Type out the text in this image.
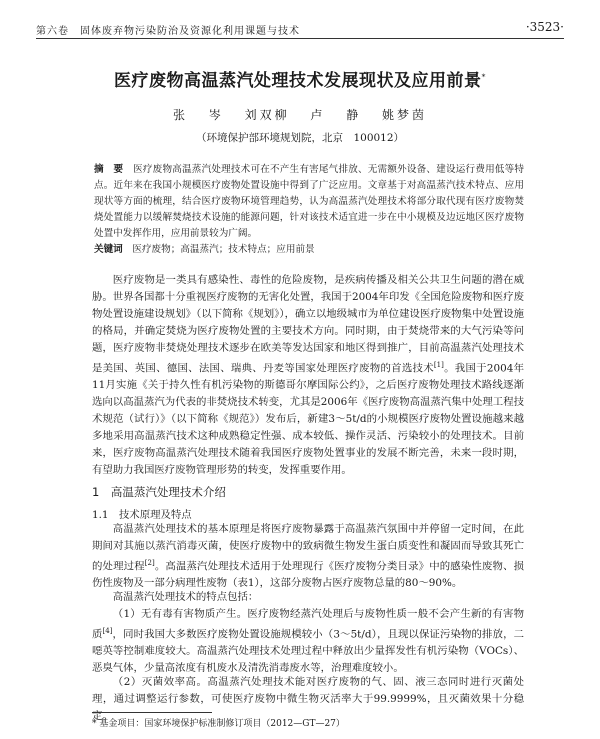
第六卷　固体废弃物污染防治及资源化利用课题与技术	·3523·
医疗废物高温蒸汽处理技术发展现状及应用前景*
张 岑 刘双柳 卢 静 姚梦茵
（环境保护部环境规划院，北京　100012）
摘　要　 医疗废物高温蒸汽处理技术可在不产生有害尾气排放、无需额外设备、建设运行费用低等特点。近年来在我国小规模医疗废物处置设施中得到了广泛应用。文章基于对高温蒸汽技术特点、应用现状等方面的梳理，结合医疗废物环境管理趋势，认为高温蒸汽处理技术将部分取代现有医疗废物焚烧处置能力以缓解焚烧技术设施的能源问题，针对该技术适宜进一步在中小规模及边远地区医疗废物处置中发挥作用，应用前景较为广阔。
关键词　 医疗废物；高温蒸汽；技术特点；应用前景
医疗废物是一类具有感染性、毒性的危险废物，是疾病传播及相关公共卫生问题的潜在威胁。世界各国都十分重视医疗废物的无害化处置，我国于2004年印发《全国危险废物和医疗废物处置设施建设规划》（以下简称《规划》），确立以地级城市为单位建设医疗废物集中处置设施的格局，并确定焚烧为医疗废物处置的主要技术方向。同时期，由于焚烧带来的大气污染等问题，医疗废物非焚烧处理技术逐步在欧美等发达国家和地区得到推广，目前高温蒸汽处理技术是美国、英国、德国、法国、瑞典、丹麦等国家处理医疗废物的首选技术[1]。我国于2004年11月实施《关于持久性有机污染物的斯德哥尔摩国际公约》，之后医疗废物处理技术路线逐渐选向以高温蒸汽为代表的非焚烧技术转变，尤其是2006年《医疗废物高温蒸汽集中处理工程技术规范（试行）》（以下简称《规范》）发布后，新建3～5t/d的小规模医疗废物处置设施越来越多地采用高温蒸汽技术这种成熟稳定性强、成本较低、操作灵活、污染较小的处理技术。目前来，医疗废物高温蒸汽处理技术随着我国医疗废物处置事业的发展不断完善，未来一段时期，有望助力我国医疗废物管理形势的转变，发挥重要作用。
1　高温蒸汽处理技术介绍
1.1　技术原理及特点
高温蒸汽处理技术的基本原理是将医疗废物暴露于高温蒸汽氛围中并停留一定时间，在此期间对其施以蒸汽消毒灭菌，使医疗废物中的致病微生物发生蛋白质变性和凝固而导致其死亡的处理过程[2]。高温蒸汽处理技术适用于处理现行《医疗废物分类目录》中的感染性废物、损伤性废物及一部分病理性废物（表1），这部分废物占医疗废物总量的80～90%。
高温蒸汽处理技术的特点包括：
（1）无有毒有害物质产生。医疗废物经蒸汽处理后与废物性质一般不会产生新的有害物质[4]，同时我国大多数医疗废物处置设施规模较小（3～5t/d），且现以保证污染物的排放，二噁英等控制难度较大。高温蒸汽处理技术处理过程中释放出少量挥发性有机污染物（VOCs）、恶臭气体，少量高浓度有机废水及清洗消毒废水等，治理难度较小。
（2）灭菌效率高。高温蒸汽处理技术能对医疗废物的气、固、液三态同时进行灭菌处理，通过调整运行参数，可使医疗废物中微生物灭活率大于99.9999%，且灭菌效果十分稳定。
* 基金项目：国家环境保护标准制修订项目（2012—GT—27）
